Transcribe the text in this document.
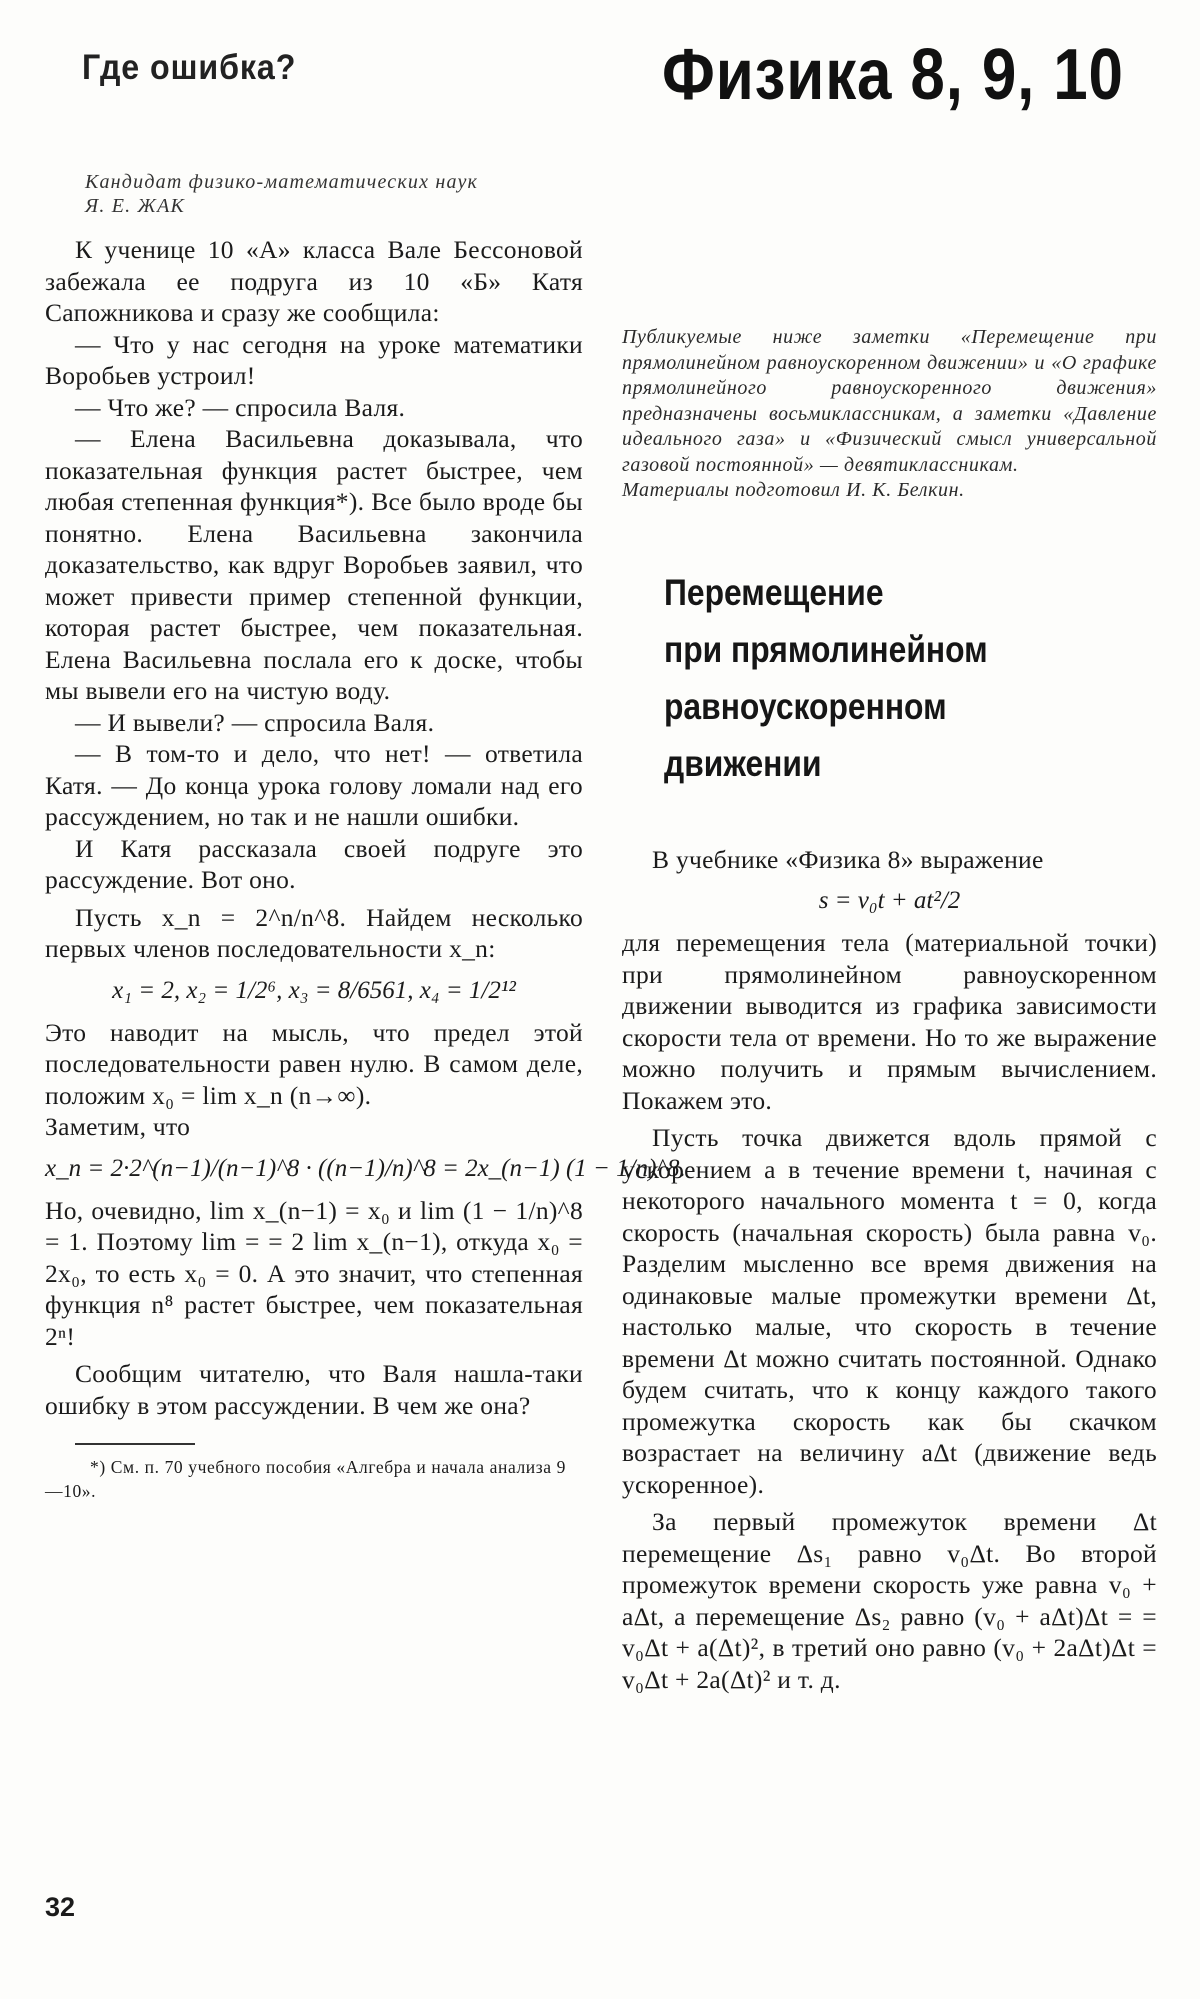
Где ошибка?	Физика 8, 9, 10
Кандидат физико-математических наук
Я. Е. ЖАК

К ученице 10 «А» класса Вале Бессоновой забежала ее подруга из 10 «Б» Катя Сапожникова и сразу же сообщила:

— Что у нас сегодня на уроке математики Воробьев устроил!

— Что же? — спросила Валя.

— Елена Васильевна доказывала, что показательная функция растет быстрее, чем любая степенная функция*). Все было вроде бы понятно. Елена Васильевна закончила доказательство, как вдруг Воробьев заявил, что может привести пример степенной функции, которая растет быстрее, чем показательная. Елена Васильевна послала его к доске, чтобы мы вывели его на чистую воду.

— И вывели? — спросила Валя.

— В том-то и дело, что нет! — ответила Катя. — До конца урока голову ломали над его рассуждением, но так и не нашли ошибки.

И Катя рассказала своей подруге это рассуждение. Вот оно.

Пусть x_n = 2^n/n^8. Найдем несколько первых членов последовательности x_n:

x₁ = 2, x₂ = 1/2⁶, x₃ = 8/6561, x₄ = 1/2¹²

Это наводит на мысль, что предел этой последовательности равен нулю. В самом деле, положим x₀ = lim x_n (n→∞).

Заметим, что

x_n = 2·2^(n−1)/(n−1)^8 · ((n−1)/n)^8 = 2x_(n−1) (1 − 1/n)^8.

Но, очевидно, lim x_(n−1) = x₀ и lim (1 − 1/n)^8 = 1. Поэтому lim = = 2 lim x_(n−1), откуда x₀ = 2x₀, то есть x₀ = 0. А это значит, что степенная функция n⁸ растет быстрее, чем показательная 2ⁿ!

Сообщим читателю, что Валя нашла-таки ошибку в этом рассуждении. В чем же она?

*) См. п. 70 учебного пособия «Алгебра и начала анализа 9—10».

Публикуемые ниже заметки «Перемещение при прямолинейном равноускоренном движении» и «О графике прямолинейного равноускоренного движения» предназначены восьмиклассникам, а заметки «Давление идеального газа» и «Физический смысл универсальной газовой постоянной» — девятиклассникам.

Материалы подготовил И. К. Белкин.

Перемещение
при прямолинейном
равноускоренном
движении

В учебнике «Физика 8» выражение

s = v₀t + at²/2

для перемещения тела (материальной точки) при прямолинейном равноускоренном движении выводится из графика зависимости скорости тела от времени. Но то же выражение можно получить и прямым вычислением. Покажем это.

Пусть точка движется вдоль прямой с ускорением a в течение времени t, начиная с некоторого начального момента t = 0, когда скорость (начальная скорость) была равна v₀. Разделим мысленно все время движения на одинаковые малые промежутки времени Δt, настолько малые, что скорость в течение времени Δt можно считать постоянной. Однако будем считать, что к концу каждого такого промежутка скорость как бы скачком возрастает на величину aΔt (движение ведь ускоренное).

За первый промежуток времени Δt перемещение Δs₁ равно v₀Δt. Во второй промежуток времени скорость уже равна v₀ + aΔt, а перемещение Δs₂ равно (v₀ + aΔt)Δt = = v₀Δt + a(Δt)², в третий оно равно (v₀ + 2aΔt)Δt = v₀Δt + 2a(Δt)² и т. д.

32
